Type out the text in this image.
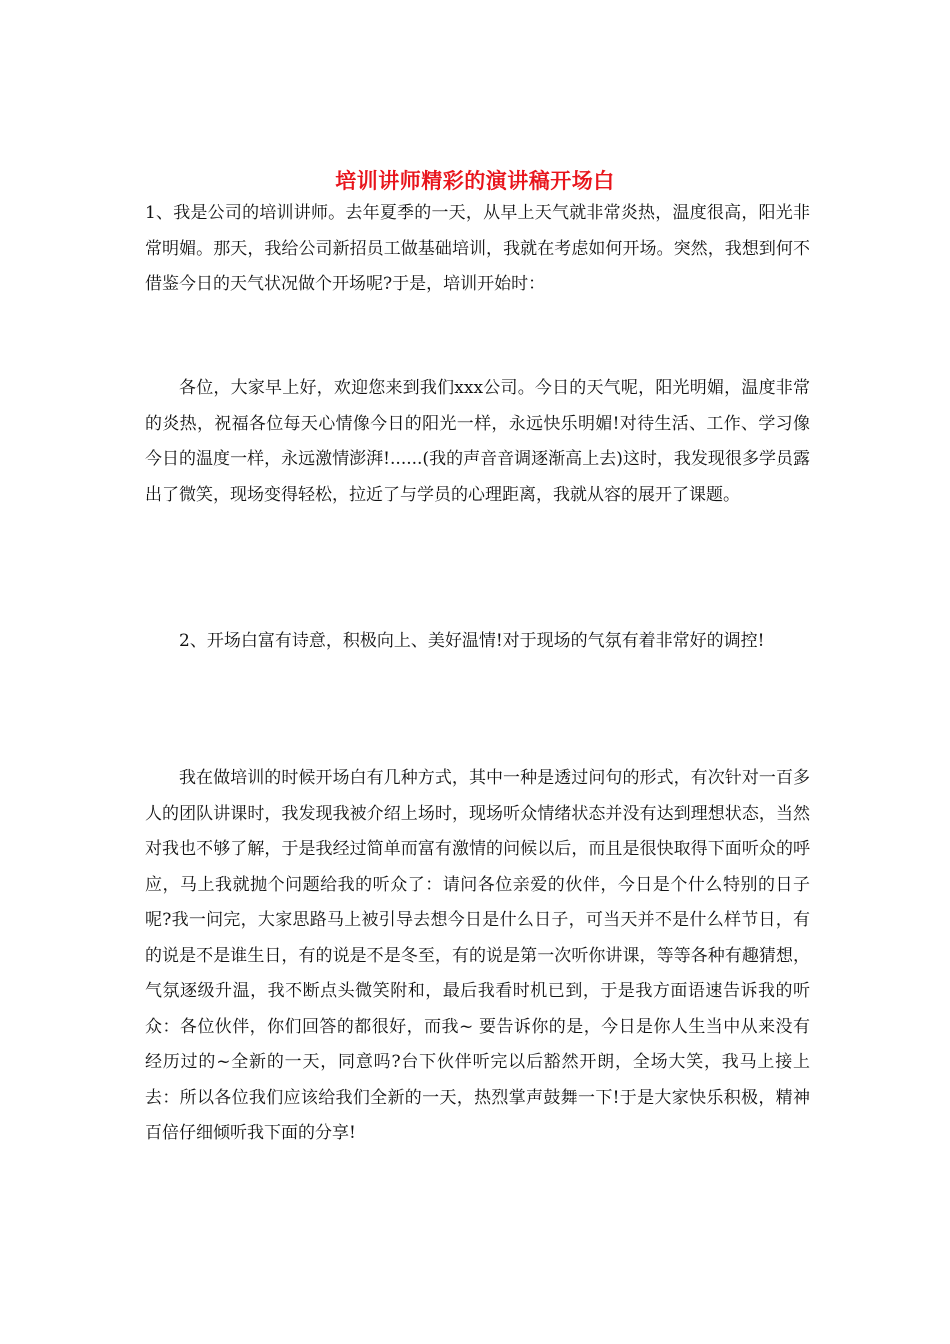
培训讲师精彩的演讲稿开场白

1、我是公司的培训讲师。去年夏季的一天，从早上天气就非常炎热，温度很高，阳光非常明媚。那天，我给公司新招员工做基础培训，我就在考虑如何开场。突然，我想到何不借鉴今日的天气状况做个开场呢?于是，培训开始时：

各位，大家早上好，欢迎您来到我们xxx公司。今日的天气呢，阳光明媚，温度非常的炎热，祝福各位每天心情像今日的阳光一样，永远快乐明媚!对待生活、工作、学习像今日的温度一样，永远激情澎湃!......(我的声音音调逐渐高上去)这时，我发现很多学员露出了微笑，现场变得轻松，拉近了与学员的心理距离，我就从容的展开了课题。

2、开场白富有诗意，积极向上、美好温情!对于现场的气氛有着非常好的调控!

我在做培训的时候开场白有几种方式，其中一种是透过问句的形式，有次针对一百多人的团队讲课时，我发现我被介绍上场时，现场听众情绪状态并没有达到理想状态，当然对我也不够了解，于是我经过简单而富有激情的问候以后，而且是很快取得下面听众的呼应，马上我就抛个问题给我的听众了：请问各位亲爱的伙伴，今日是个什么特别的日子呢?我一问完，大家思路马上被引导去想今日是什么日子，可当天并不是什么样节日，有的说是不是谁生日，有的说是不是冬至，有的说是第一次听你讲课，等等各种有趣猜想，气氛逐级升温，我不断点头微笑附和，最后我看时机已到，于是我方面语速告诉我的听众：各位伙伴，你们回答的都很好，而我~ 要告诉你的是，今日是你人生当中从来没有经历过的~全新的一天，同意吗?台下伙伴听完以后豁然开朗，全场大笑，我马上接上去：所以各位我们应该给我们全新的一天，热烈掌声鼓舞一下!于是大家快乐积极，精神百倍仔细倾听我下面的分享!
